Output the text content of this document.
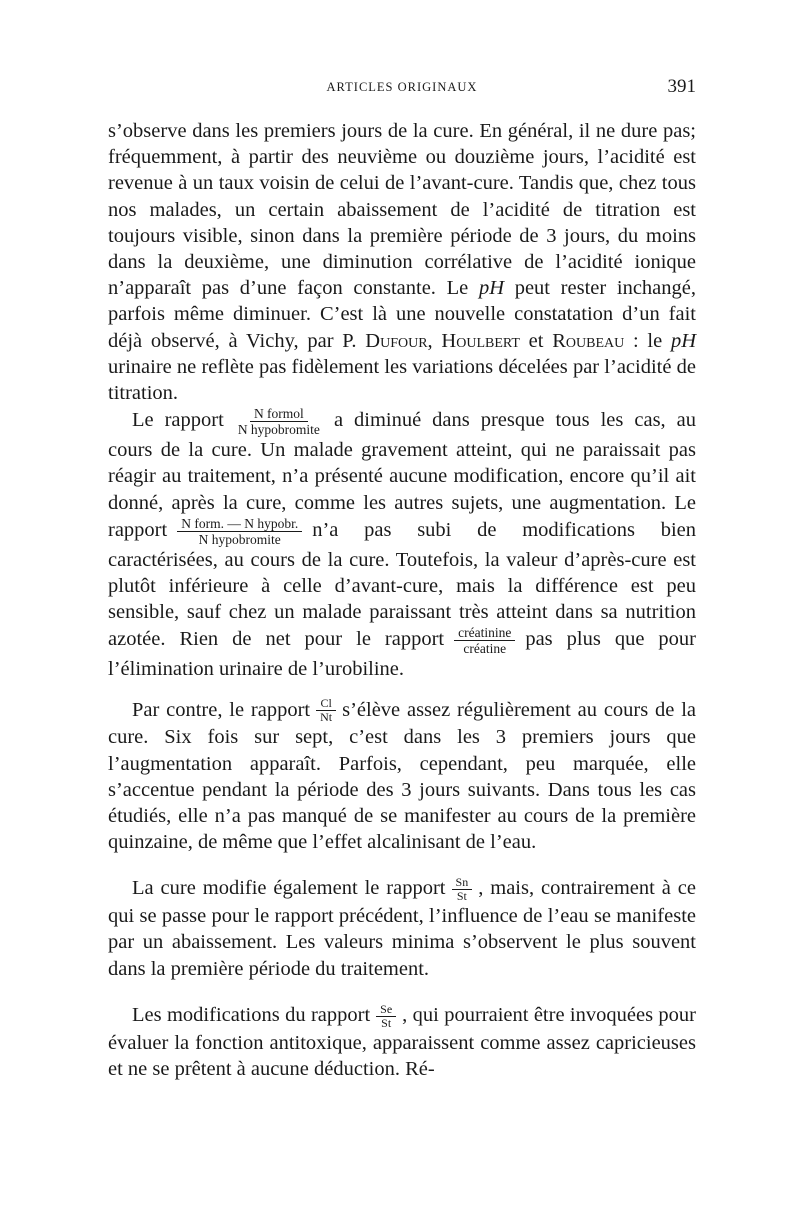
ARTICLES ORIGINAUX	391

s’observe dans les premiers jours de la cure. En général, il ne dure pas; fréquemment, à partir des neuvième ou douzième jours, l’acidité est revenue à un taux voisin de celui de l’avant-cure. Tandis que, chez tous nos malades, un certain abaissement de l’acidité de titration est toujours visible, sinon dans la première période de 3 jours, du moins dans la deuxième, une diminution corrélative de l’acidité ionique n’apparaît pas d’une façon constante. Le pH peut rester inchangé, parfois même diminuer. C’est là une nouvelle constatation d’un fait déjà observé, à Vichy, par P. Dufour, Houlbert et Roubeau : le pH urinaire ne reflète pas fidèlement les variations décelées par l’acidité de titration.

Le rapport $\frac{\text{N formol}}{\text{N hypobromite}}$ a diminué dans presque tous les cas, au cours de la cure. Un malade gravement atteint, qui ne paraissait pas réagir au traitement, n’a présenté aucune modification, encore qu’il ait donné, après la cure, comme les autres sujets, une augmentation. Le rapport $\frac{\text{N form. — N hypobr.}}{\text{N hypobromite}}$ n’a pas subi de modifications bien caractérisées, au cours de la cure. Toutefois, la valeur d’après-cure est plutôt inférieure à celle d’avant-cure, mais la différence est peu sensible, sauf chez un malade paraissant très atteint dans sa nutrition azotée. Rien de net pour le rapport $\frac{\text{créatinine}}{\text{créatine}}$ pas plus que pour l’élimination urinaire de l’urobiline.

Par contre, le rapport $\frac{Cl}{Nt}$ s’élève assez régulièrement au cours de la cure. Six fois sur sept, c’est dans les 3 premiers jours que l’augmentation apparaît. Parfois, cependant, peu marquée, elle s’accentue pendant la période des 3 jours suivants. Dans tous les cas étudiés, elle n’a pas manqué de se manifester au cours de la première quinzaine, de même que l’effet alcalinisant de l’eau.

La cure modifie également le rapport $\frac{Sn}{St}$ , mais, contrairement à ce qui se passe pour le rapport précédent, l’influence de l’eau se manifeste par un abaissement. Les valeurs minima s’observent le plus souvent dans la première période du traitement.

Les modifications du rapport $\frac{Se}{St}$ , qui pourraient être invoquées pour évaluer la fonction antitoxique, apparaissent comme assez capricieuses et ne se prêtent à aucune déduction. Ré-
